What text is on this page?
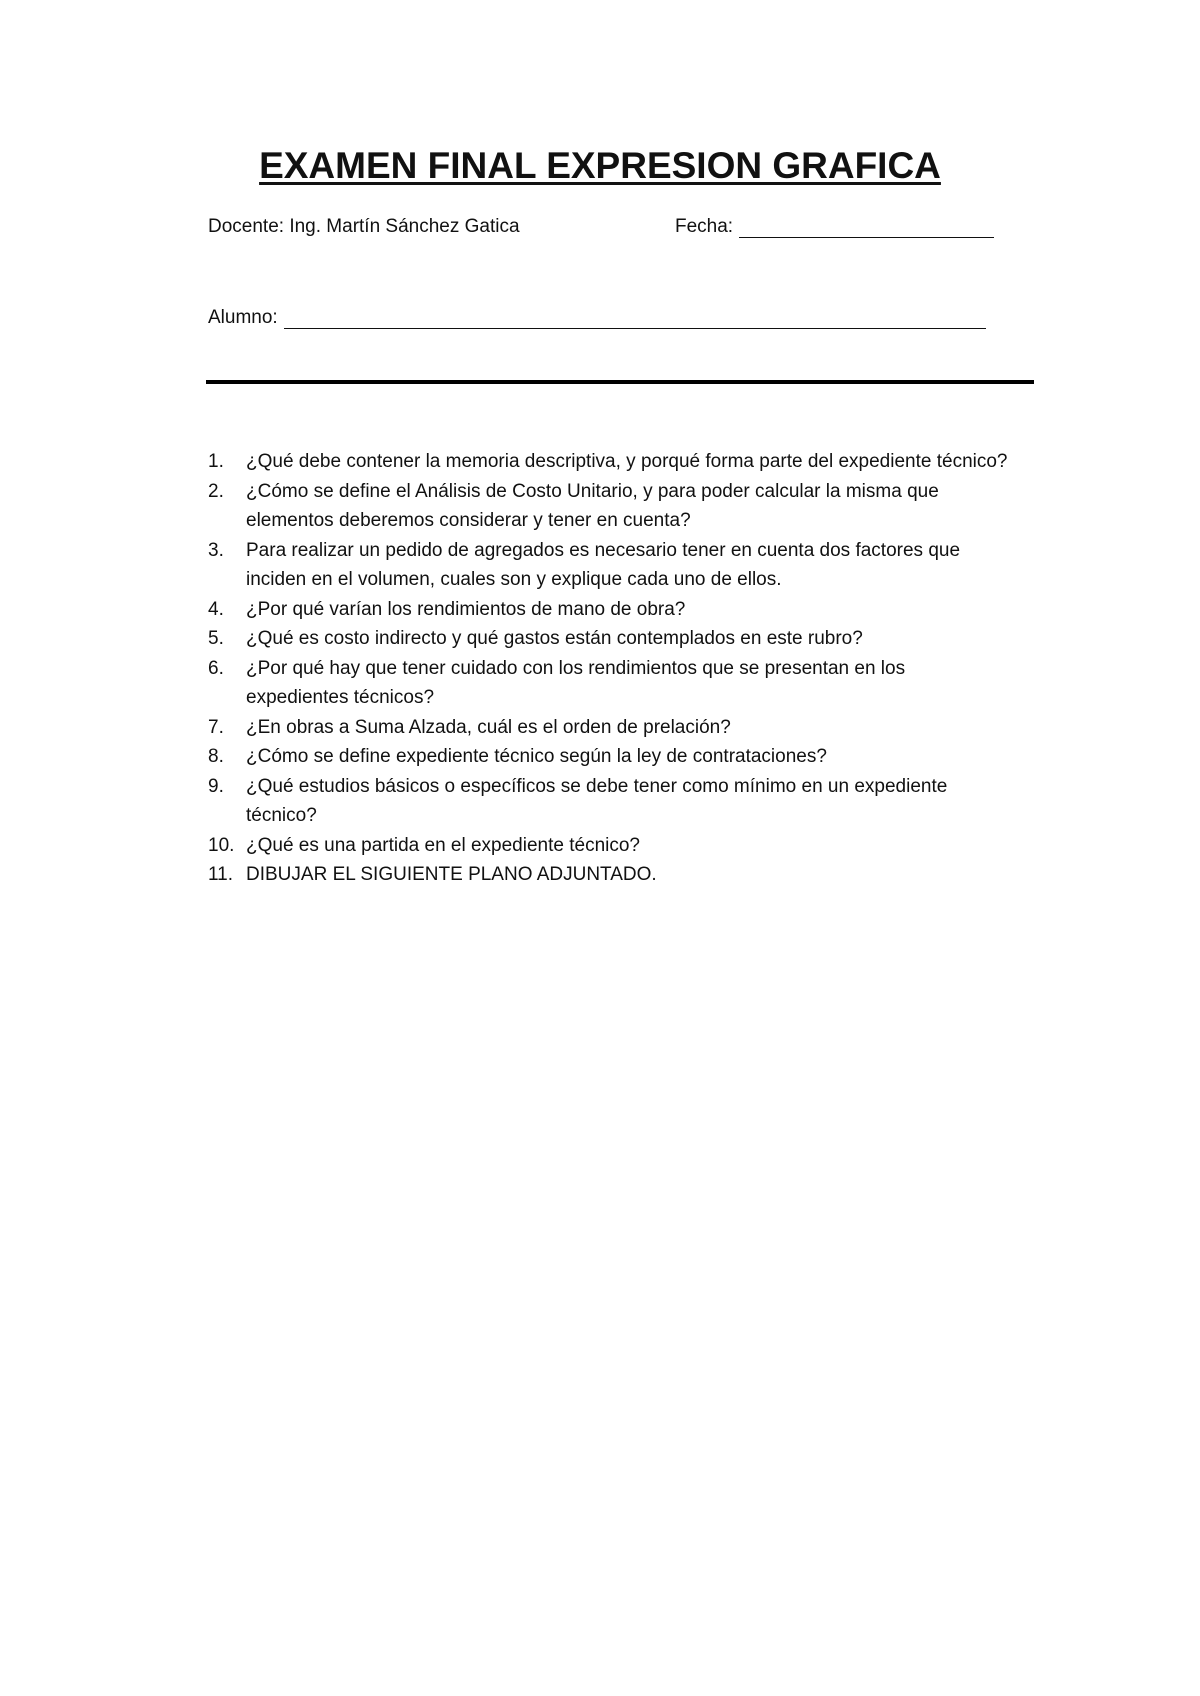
EXAMEN FINAL EXPRESION GRAFICA
Docente: Ing. Martín Sánchez Gatica	Fecha:
Alumno:
1.	¿Qué debe contener la memoria descriptiva, y porqué forma parte del expediente técnico?
2.	¿Cómo se define el Análisis de Costo Unitario, y para poder calcular la misma que elementos deberemos considerar y tener en cuenta?
3.	Para realizar un pedido de agregados es necesario tener en cuenta dos factores que inciden en el volumen, cuales son y explique cada uno de ellos.
4.	¿Por qué varían los rendimientos de mano de obra?
5.	¿Qué es costo indirecto y qué gastos están contemplados en este rubro?
6.	¿Por qué hay que tener cuidado con los rendimientos que se presentan en los expedientes técnicos?
7.	¿En obras a Suma Alzada, cuál es el orden de prelación?
8.	¿Cómo se define expediente técnico según la ley de contrataciones?
9.	¿Qué estudios básicos o específicos se debe tener como mínimo en un expediente técnico?
10. ¿Qué es una partida en el expediente técnico?
11. DIBUJAR EL SIGUIENTE PLANO ADJUNTADO.
